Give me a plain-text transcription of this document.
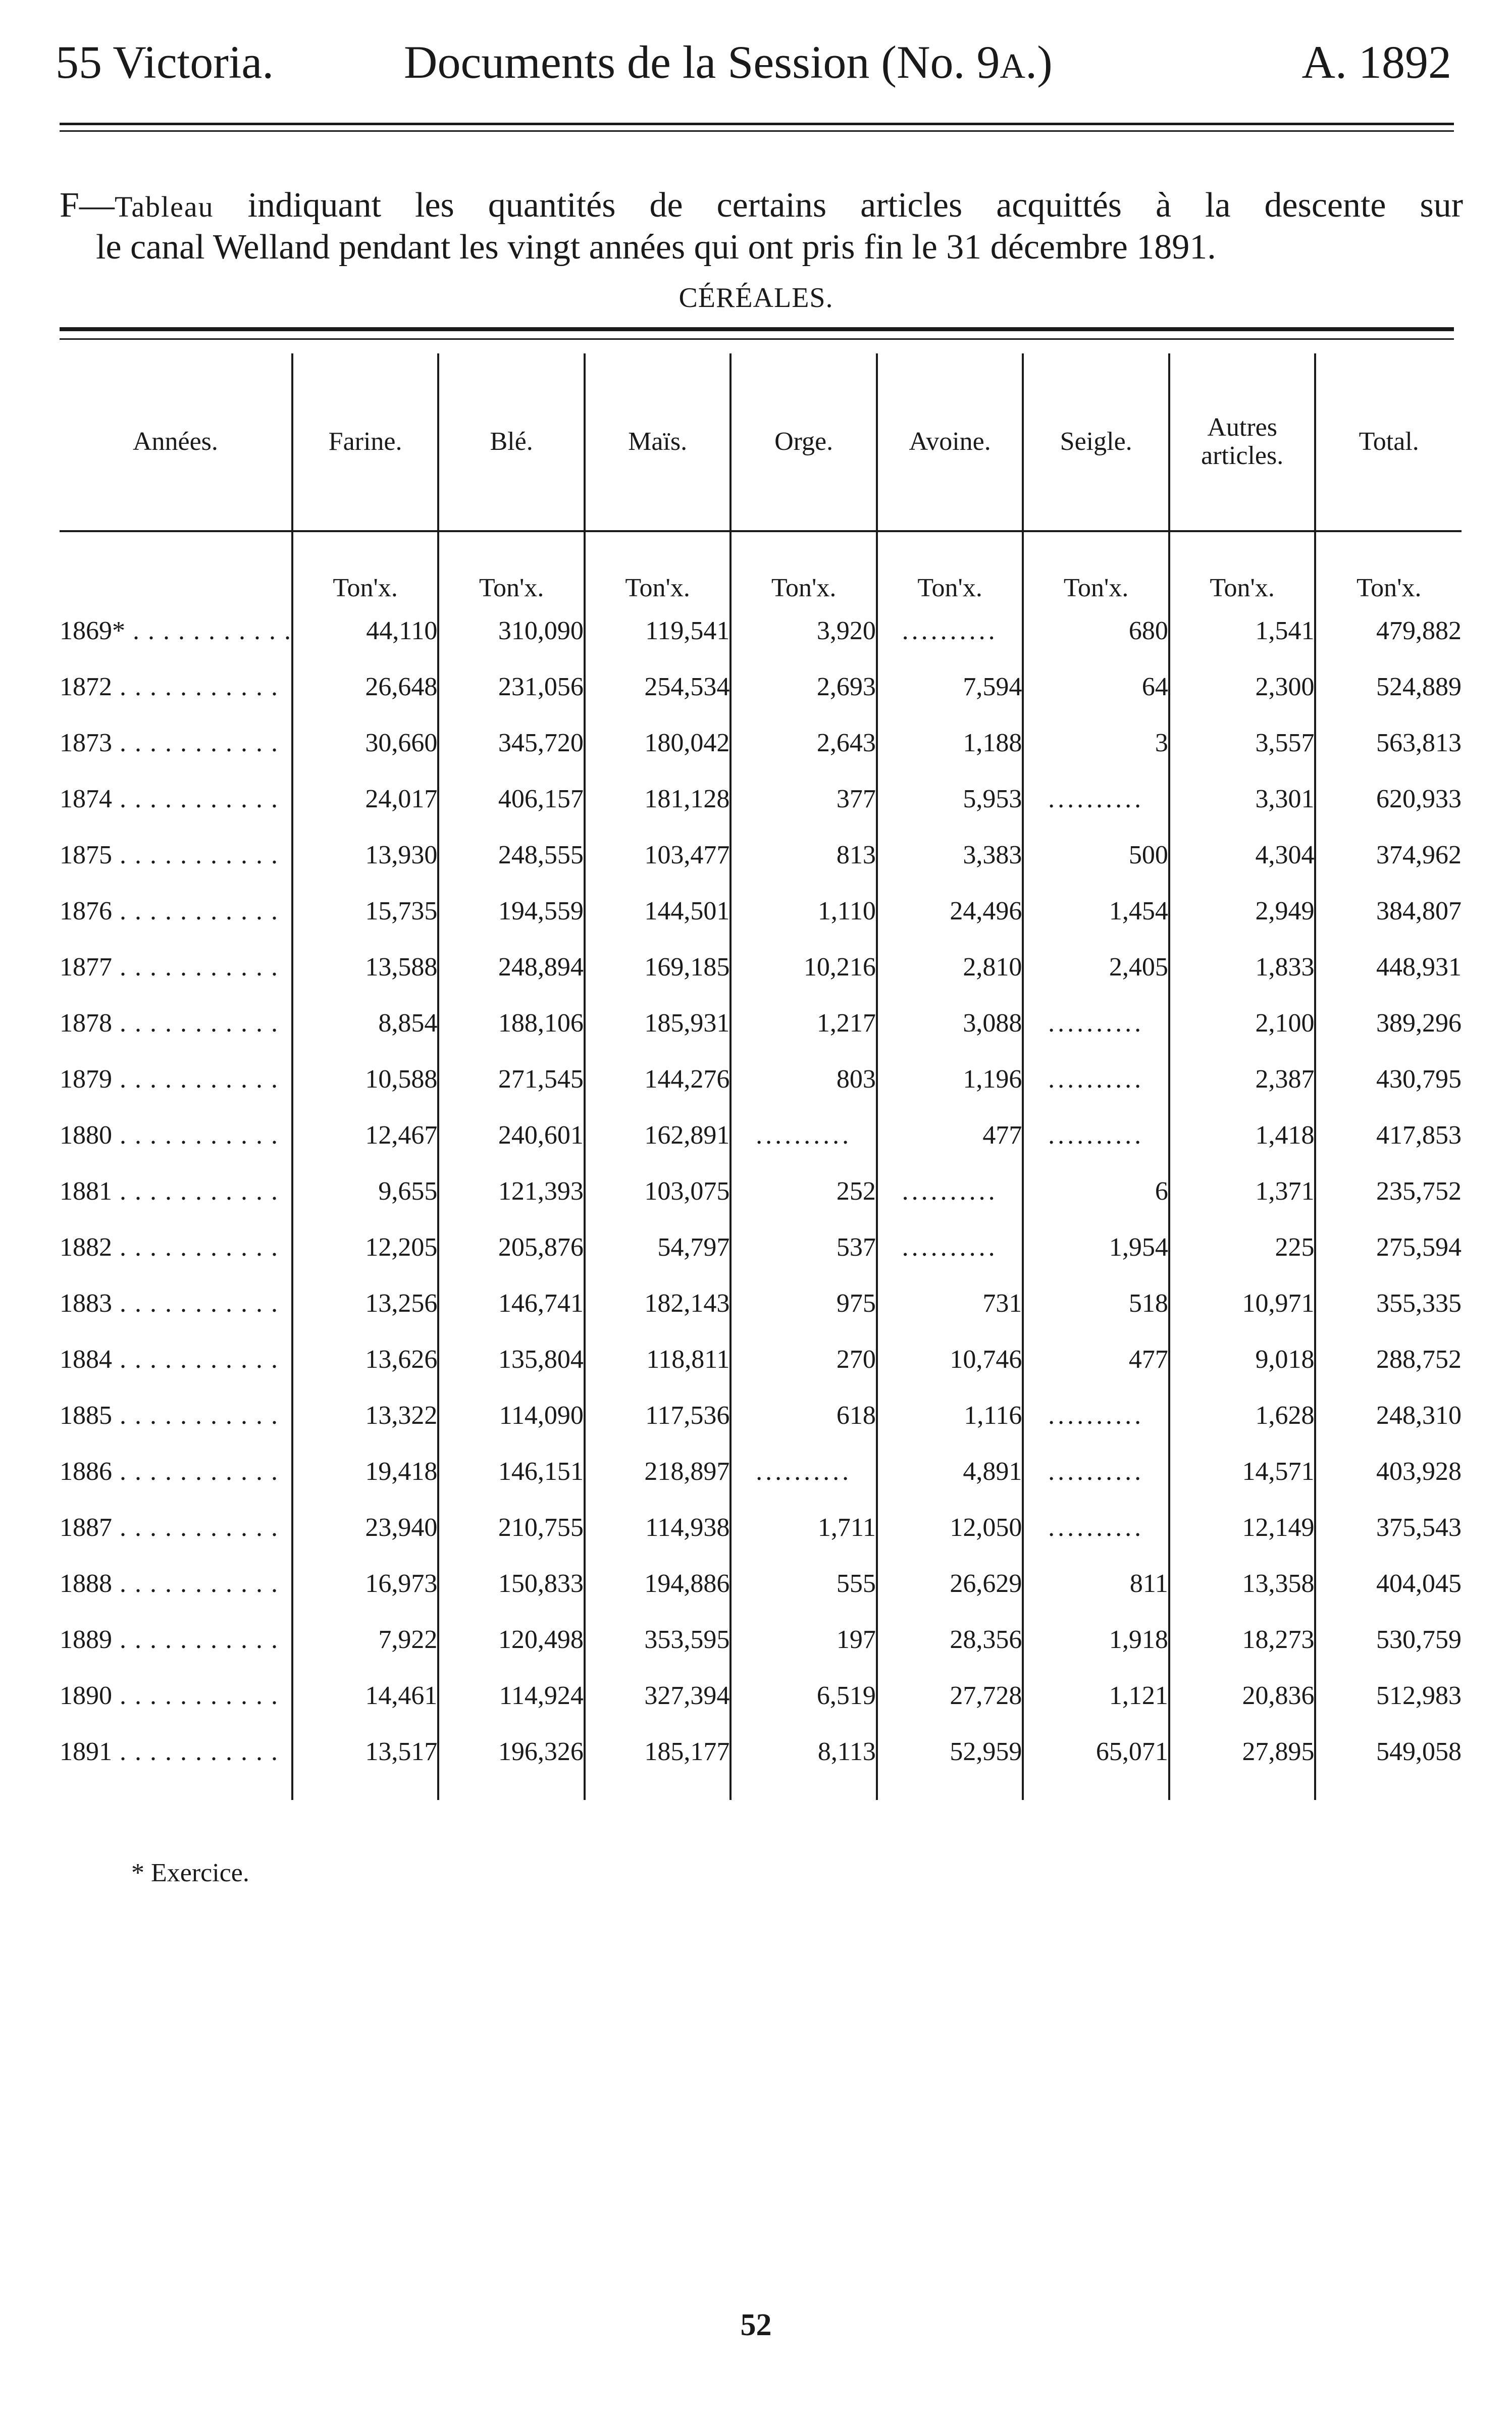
55 Victoria.	Documents de la Session (No. 9A.)	A. 1892
F—Tableau indiquant les quantités de certains articles acquittés à la descente sur
le canal Welland pendant les vingt années qui ont pris fin le 31 décembre 1891.
CÉRÉALES.
Années.	Farine.	Blé.	Maïs.	Orge.	Avoine.	Seigle.	Autres articles.	Total.
	Ton'x.	Ton'x.	Ton'x.	Ton'x.	Ton'x.	Ton'x.	Ton'x.	Ton'x.
1869* . . . . . . . . . . .	44,110	310,090	119,541	3,920	..........	680	1,541	479,882
1872 . . . . . . . . . . .	26,648	231,056	254,534	2,693	7,594	64	2,300	524,889
1873 . . . . . . . . . . .	30,660	345,720	180,042	2,643	1,188	3	3,557	563,813
1874 . . . . . . . . . . .	24,017	406,157	181,128	377	5,953	..........	3,301	620,933
1875 . . . . . . . . . . .	13,930	248,555	103,477	813	3,383	500	4,304	374,962
1876 . . . . . . . . . . .	15,735	194,559	144,501	1,110	24,496	1,454	2,949	384,807
1877 . . . . . . . . . . .	13,588	248,894	169,185	10,216	2,810	2,405	1,833	448,931
1878 . . . . . . . . . . .	8,854	188,106	185,931	1,217	3,088	..........	2,100	389,296
1879 . . . . . . . . . . .	10,588	271,545	144,276	803	1,196	..........	2,387	430,795
1880 . . . . . . . . . . .	12,467	240,601	162,891	..........	477	..........	1,418	417,853
1881 . . . . . . . . . . .	9,655	121,393	103,075	252	..........	6	1,371	235,752
1882 . . . . . . . . . . .	12,205	205,876	54,797	537	..........	1,954	225	275,594
1883 . . . . . . . . . . .	13,256	146,741	182,143	975	731	518	10,971	355,335
1884 . . . . . . . . . . .	13,626	135,804	118,811	270	10,746	477	9,018	288,752
1885 . . . . . . . . . . .	13,322	114,090	117,536	618	1,116	..........	1,628	248,310
1886 . . . . . . . . . . .	19,418	146,151	218,897	..........	4,891	..........	14,571	403,928
1887 . . . . . . . . . . .	23,940	210,755	114,938	1,711	12,050	..........	12,149	375,543
1888 . . . . . . . . . . .	16,973	150,833	194,886	555	26,629	811	13,358	404,045
1889 . . . . . . . . . . .	7,922	120,498	353,595	197	28,356	1,918	18,273	530,759
1890 . . . . . . . . . . .	14,461	114,924	327,394	6,519	27,728	1,121	20,836	512,983
1891 . . . . . . . . . . .	13,517	196,326	185,177	8,113	52,959	65,071	27,895	549,058

* Exercice.
52
